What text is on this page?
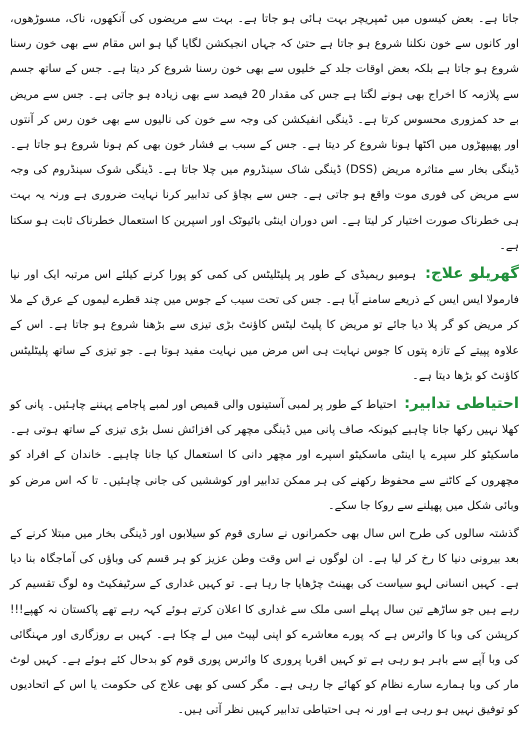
جاتا ہے۔ بعض کیسوں میں ٹمپریچر بہت ہائی ہو جاتا ہے۔ بہت سے مریضوں کی آنکھوں، ناک، مسوڑھوں، اور کانوں سے خون نکلنا شروع ہو جاتا ہے حتیٰ کہ جہاں انجیکشن لگایا گیا ہو اس مقام سے بھی خون رسنا شروع ہو جاتا ہے بلکہ بعض اوقات جلد کے خلیوں سے بھی خون رسنا شروع کر دیتا ہے۔ جس کے ساتھ جسم سے پلازمہ کا اخراج بھی ہونے لگتا ہے جس کی مقدار 20 فیصد سے بھی زیادہ ہو جاتی ہے۔ جس سے مریض بے حد کمزوری محسوس کرتا ہے۔ ڈینگی انفیکشن کی وجہ سے خون کی نالیوں سے بھی خون رس کر آنتوں اور پھیپھڑوں میں اکٹھا ہونا شروع کر دیتا ہے۔ جس کے سبب بے فشار خون بھی کم ہونا شروع ہو جاتا ہے۔ ڈینگی بخار سے متاثرہ مریض (DSS) ڈینگی شاک سینڈروم میں چلا جاتا ہے۔ ڈینگی شوک سینڈروم کی وجہ سے مریض کی فوری موت واقع ہو جاتی ہے۔ جس سے بچاؤ کی تدابیر کرنا نہایت ضروری ہے ورنہ یہ بہت ہی خطرناک صورت اختیار کر لیتا ہے۔ اس دوران اینٹی بائیوٹک اور اسپرین کا استعمال خطرناک ثابت ہو سکتا ہے۔

گھریلو علاج: ہومیو ریمیڈی کے طور پر پلیٹلیٹس کی کمی کو پورا کرنے کیلئے اس مرتبہ ایک اور نیا فارمولا ایس ایس کے ذریعے سامنے آیا ہے۔ جس کی تحت سیب کے جوس میں چند قطرے لیموں کے عرق کے ملا کر مریض کو گر پلا دیا جائے تو مریض کا پلیٹ لیٹس کاؤنٹ بڑی تیزی سے بڑھنا شروع ہو جاتا ہے۔ اس کے علاوہ پپیتے کے تازہ پتوں کا جوس نہایت ہی اس مرض میں نہایت مفید ہوتا ہے۔ جو تیزی کے ساتھ پلیٹلیٹس کاؤنٹ کو بڑھا دیتا ہے۔

احتیاطی تدابیر: احتیاط کے طور پر لمبی آستینوں والی قمیص اور لمبے پاجامے پہننے چاہئیں۔ پانی کو کھلا نہیں رکھا جانا چاہیے کیونکہ صاف پانی میں ڈینگی مچھر کی افزائش نسل بڑی تیزی کے ساتھ ہوتی ہے۔ ماسکیٹو کلر سپرے یا اینٹی ماسکیٹو اسپرے اور مچھر دانی کا استعمال کیا جانا چاہیے۔ خاندان کے افراد کو مچھروں کے کاٹنے سے محفوظ رکھنے کی ہر ممکن تدابیر اور کوششیں کی جانی چاہئیں۔ تا کہ اس مرض کو وبائی شکل میں پھیلنے سے روکا جا سکے۔

گذشتہ سالوں کی طرح اس سال بھی حکمرانوں نے ساری قوم کو سیلابوں اور ڈینگی بخار میں مبتلا کرنے کے بعد بیرونی دنیا کا رخ کر لیا ہے۔ ان لوگوں نے اس وقت وطن عزیز کو ہر قسم کی وباؤں کی آماجگاہ بنا دیا ہے۔ کہیں انسانی لہو سیاست کی بھینٹ چڑھایا جا رہا ہے۔ تو کہیں غداری کے سرٹیفکیٹ وہ لوگ تقسیم کر رہے ہیں جو ساڑھے تین سال پہلے اسی ملک سے غداری کا اعلان کرتے ہوئے کہہ رہے تھے پاکستان نہ کھپے!!! کرپشن کی وبا کا وائرس ہے کہ پورے معاشرے کو اپنی لپیٹ میں لے چکا ہے۔ کہیں بے روزگاری اور مہنگائی کی وبا آپے سے باہر ہو رہی ہے تو کہیں اقربا پروری کا وائرس پوری قوم کو بدحال کئے ہوئے ہے۔ کہیں لوٹ مار کی وبا ہمارے سارے نظام کو کھائے جا رہی ہے۔ مگر کسی کو بھی علاج کی حکومت یا اس کے اتحادیوں کو توفیق نہیں ہو رہی ہے اور نہ ہی احتیاطی تدابیر کہیں نظر آتی ہیں۔
